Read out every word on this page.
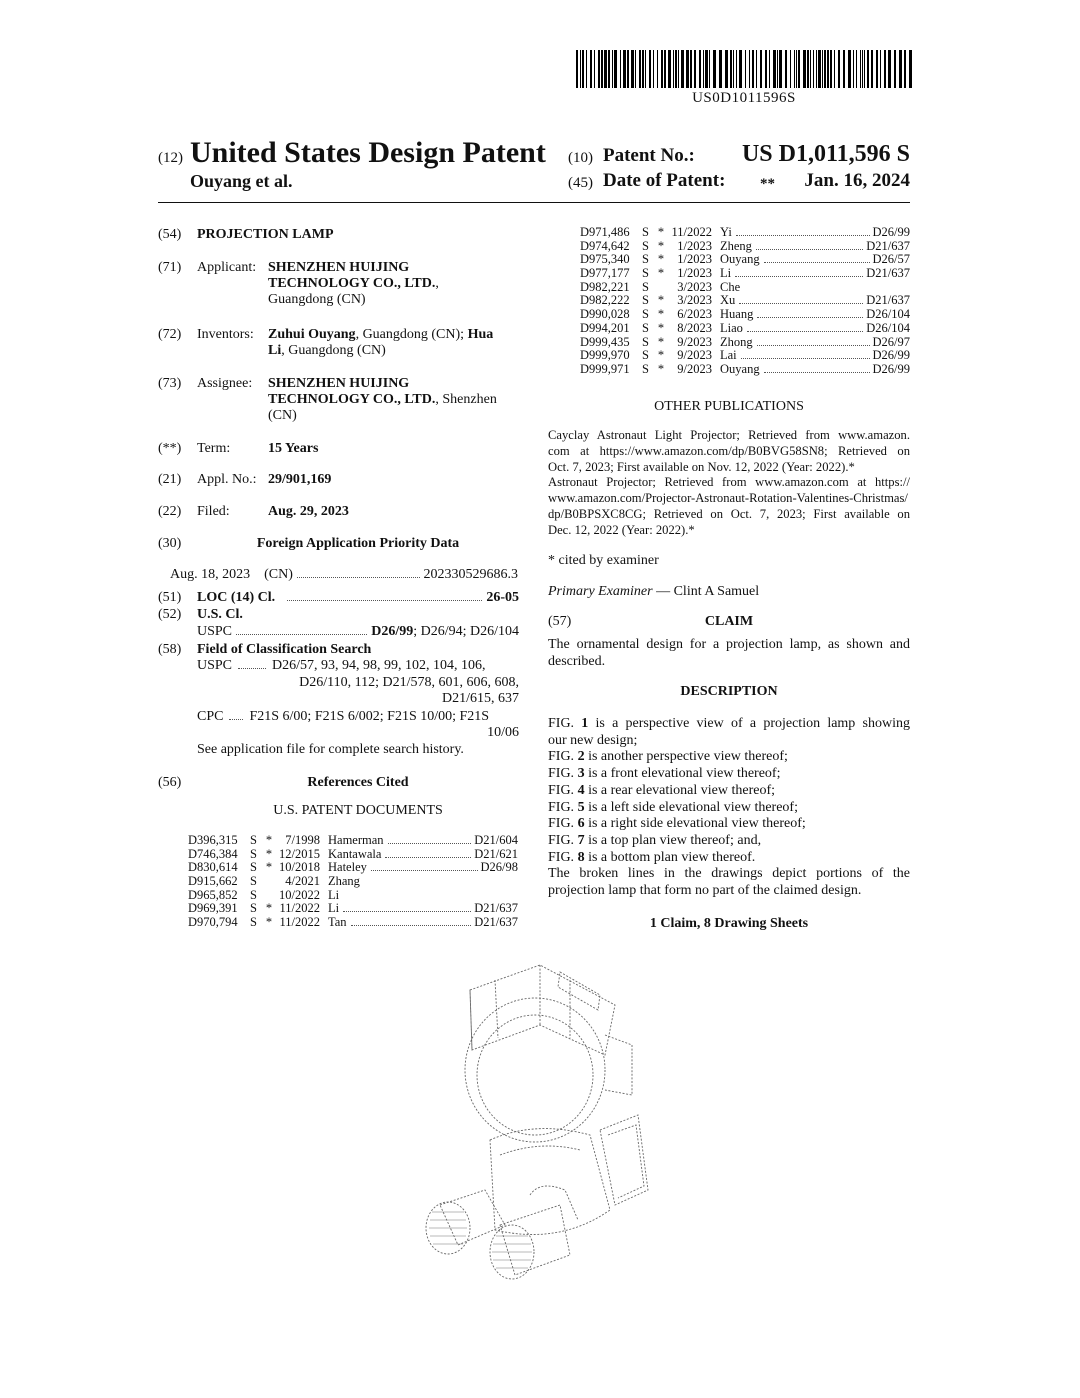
US0D1011596S
(12) United States Design Patent
Ouyang et al.
(10) Patent No.:	US D1,011,596 S
(45) Date of Patent: **	Jan. 16, 2024
(54) PROJECTION LAMP
(71) Applicant: SHENZHEN HUIJING
TECHNOLOGY CO., LTD.,
Guangdong (CN)
(72) Inventors: Zuhui Ouyang, Guangdong (CN); Hua
Li, Guangdong (CN)
(73) Assignee: SHENZHEN HUIJING
TECHNOLOGY CO., LTD., Shenzhen
(CN)
(**) Term:	15 Years
(21) Appl. No.: 29/901,169
(22) Filed:	Aug. 29, 2023
(30)	Foreign Application Priority Data
Aug. 18, 2023 (CN)	202330529686.3
(51) LOC (14) Cl.	26-05
(52) U.S. Cl.
USPC	D26/99 ; D26/94; D26/104
(58) Field of Classification Search
USPC	D26/57, 93, 94, 98, 99, 102, 104, 106,
D26/110, 112; D21/578, 601, 606, 608,
D21/615, 637
CPC F21S 6/00; F21S 6/002; F21S 10/00; F21S
10/06
See application file for complete search history.
(56)	References Cited
U.S. PATENT DOCUMENTS
D396,315 S *	7/1998 Hamerman	D21/604
D746,384 S * 12/2015 Kantawala	D21/621
D830,614 S * 10/2018 Hateley	D26/98
D915,662 S	4/2021 Zhang
D965,852 S	10/2022 Li
D969,391 S * 11/2022 Li	D21/637
D970,794 S * 11/2022 Tan	D21/637
D971,486 S * 11/2022 Yi	D26/99
D974,642 S *	1/2023 Zheng	D21/637
D975,340 S *	1/2023 Ouyang	D26/57
D977,177 S *	1/2023 Li	D21/637
D982,221 S	3/2023 Che
D982,222 S *	3/2023 Xu	D21/637
D990,028 S *	6/2023 Huang	D26/104
D994,201 S *	8/2023 Liao	D26/104
D999,435 S *	9/2023 Zhong	D26/97
D999,970 S *	9/2023 Lai	D26/99
D999,971 S *	9/2023 Ouyang	D26/99
OTHER PUBLICATIONS
Cayclay Astronaut Light Projector; Retrieved from www.amazon.
com at https://www.amazon.com/dp/B0BVG58SN8; Retrieved on
Oct. 7, 2023; First available on Nov. 12, 2022 (Year: 2022).*
Astronaut Projector; Retrieved from www.amazon.com at https://
www.amazon.com/Projector-Astronaut-Rotation-Valentines-Christmas/
dp/B0BPSXC8CG; Retrieved on Oct. 7, 2023; First available on
Dec. 12, 2022 (Year: 2022).*
* cited by examiner
Primary Examiner — Clint A Samuel
(57)	CLAIM
The ornamental design for a projection lamp, as shown and
described.
DESCRIPTION
FIG. 1 is a perspective view of a projection lamp showing
our new design;
FIG. 2 is another perspective view thereof;
FIG. 3 is a front elevational view thereof;
FIG. 4 is a rear elevational view thereof;
FIG. 5 is a left side elevational view thereof;
FIG. 6 is a right side elevational view thereof;
FIG. 7 is a top plan view thereof; and,
FIG. 8 is a bottom plan view thereof.
The broken lines in the drawings depict portions of the
projection lamp that form no part of the claimed design.
1 Claim, 8 Drawing Sheets
